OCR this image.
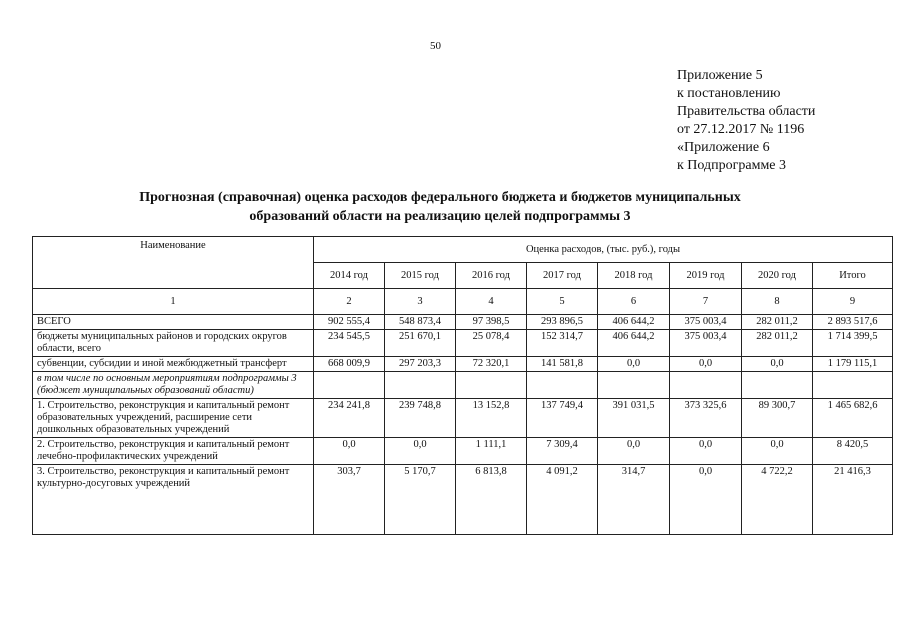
50
Приложение 5
к постановлению
Правительства области
от 27.12.2017 № 1196
«Приложение 6
к Подпрограмме 3
Прогнозная (справочная) оценка расходов федерального бюджета и бюджетов муниципальных
образований области на реализацию целей подпрограммы 3
Наименование	Оценка расходов, (тыс. руб.), годы							
	2014 год	2015 год	2016 год	2017 год	2018 год	2019 год	2020 год	Итого
1	2	3	4	5	6	7	8	9
ВСЕГО	902 555,4	548 873,4	97 398,5	293 896,5	406 644,2	375 003,4	282 011,2	2 893 517,6
бюджеты муниципальных районов и городских округов области, всего	234 545,5	251 670,1	25 078,4	152 314,7	406 644,2	375 003,4	282 011,2	1 714 399,5
субвенции, субсидии и иной межбюджетный трансферт	668 009,9	297 203,3	72 320,1	141 581,8	0,0	0,0	0,0	1 179 115,1
в том числе по основным мероприятиям подпрограммы 3 (бюджет муниципальных образований области)								
1. Строительство, реконструкция и капитальный ремонт образовательных учреждений, расширение сети дошкольных образовательных учреждений	234 241,8	239 748,8	13 152,8	137 749,4	391 031,5	373 325,6	89 300,7	1 465 682,6
2. Строительство, реконструкция и капитальный ремонт лечебно-профилактических учреждений	0,0	0,0	1 111,1	7 309,4	0,0	0,0	0,0	8 420,5
3. Строительство, реконструкция и капитальный ремонт культурно-досуговых учреждений	303,7	5 170,7	6 813,8	4 091,2	314,7	0,0	4 722,2	21 416,3
